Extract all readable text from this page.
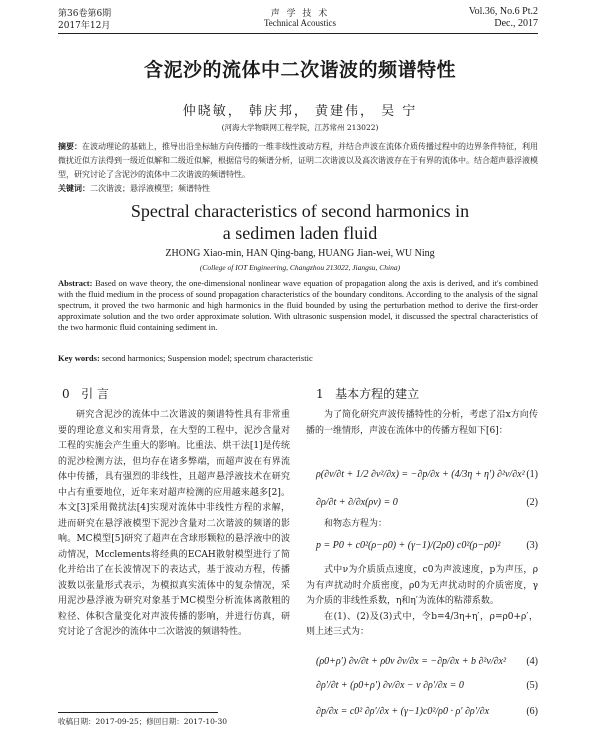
第36卷第6期
2017年12月
声 学 技 术
Technical Acoustics
Vol.36, No.6 Pt.2
Dec., 2017
含泥沙的流体中二次谐波的频谱特性
仲晓敏， 韩庆邦， 黄建伟， 吴 宁
(河海大学物联网工程学院，江苏常州 213022)
摘要：在波动理论的基础上，推导出沿坐标轴方向传播的一维非线性波动方程，并结合声波在流体介质传播过程中的边界条件特征，利用微扰近似方法得到一级近似解和二级近似解，根据信号的频谱分析，证明二次谐波以及高次谐波存在于有界的流体中。结合超声悬浮液模型，研究讨论了含泥沙的流体中二次谐波的频谱特性。
关键词：二次谐波；悬浮液模型；频谱特性
Spectral characteristics of second harmonics in
a sedimen laden fluid
ZHONG Xiao-min, HAN Qing-bang, HUANG Jian-wei, WU Ning
(College of IOT Engineering, Changzhou 213022, Jiangsu, China)
Abstract: Based on wave theory, the one-dimensional nonlinear wave equation of propagation along the axis is derived, and it's combined with the fluid medium in the process of sound propagation characteristics of the boundary conditons. According to the analysis of the signal spectrum, it proved the two harmonic and high harmonics in the fluid bounded by using the perturbation method to derive the first-order approximate solution and the two order approximate solution. With ultrasonic suspension model, it discussed the spectral characteristics of the two harmonic fluid containing sediment in.
Key words: second harmonics; Suspension model; spectrum characteristic
0 引 言	1 基本方程的建立

研究含泥沙的流体中二次谐波的频谱特性具有非常重要的理论意义和实用背景，在大型的工程中，泥沙含量对工程的实施会产生重大的影响。比重法、烘干法[1]是传统的泥沙检测方法，但均存在诸多弊端，而超声波在有界流体中传播，具有强烈的非线性，且超声悬浮液技术在研究中占有重要地位，近年来对超声检测的应用越来越多[2]。本文[3]采用微扰法[4]实现对流体中非线性方程的求解，进而研究在悬浮液模型下泥沙含量对二次谐波的频谱的影响。MC模型[5]研究了超声在含球形颗粒的悬浮液中的波动情况，Mcclements将经典的ECAH散射模型进行了简化并给出了在长波情况下的表达式，基于波动方程，传播波数以张量形式表示，为模拟真实流体中的复杂情况，采用泥沙悬浮液为研究对象基于MC模型分析流体离散粗的粒径、体积含量变化对声波传播的影响，并进行仿真，研究讨论了含泥沙的流体中二次谐波的频谱特性。

为了简化研究声波传播特性的分析，考虑了沿x方向传播的一维情形，声波在流体中的传播方程如下[6]：

ρ(∂ν/∂t + 1/2 ∂ν²/∂x) = −∂p/∂x + (4/3η + η′) ∂²ν/∂x² (1)
∂ρ/∂t + ∂/∂x(ρν) = 0	(2)

和物态方程为：

p = P0 + c0²(ρ−ρ0) + (γ−1)/(2ρ0) c0²(ρ−ρ0)²	(3)

式中ν为介质质点速度，c0为声波速度，p为声压，ρ为有声扰动时介质密度，ρ0为无声扰动时的介质密度，γ为介质的非线性系数，η和η′为流体的粘滞系数。

在(1)、(2)及(3)式中，令b=4/3η+η′，ρ=ρ0+ρ′，则上述三式为：

(ρ0+ρ′) ∂ν/∂t + ρ0ν ∂ν/∂x = −∂p/∂x + b ∂²ν/∂x² (4)
∂ρ′/∂t + (ρ0+ρ′) ∂ν/∂x − ν ∂ρ′/∂x = 0	(5)
∂p/∂x = c0² ∂ρ′/∂x + (γ−1)c0²/ρ0 · ρ′ ∂ρ′/∂x	(6)
收稿日期：2017-09-25；修回日期：2017-10-30
